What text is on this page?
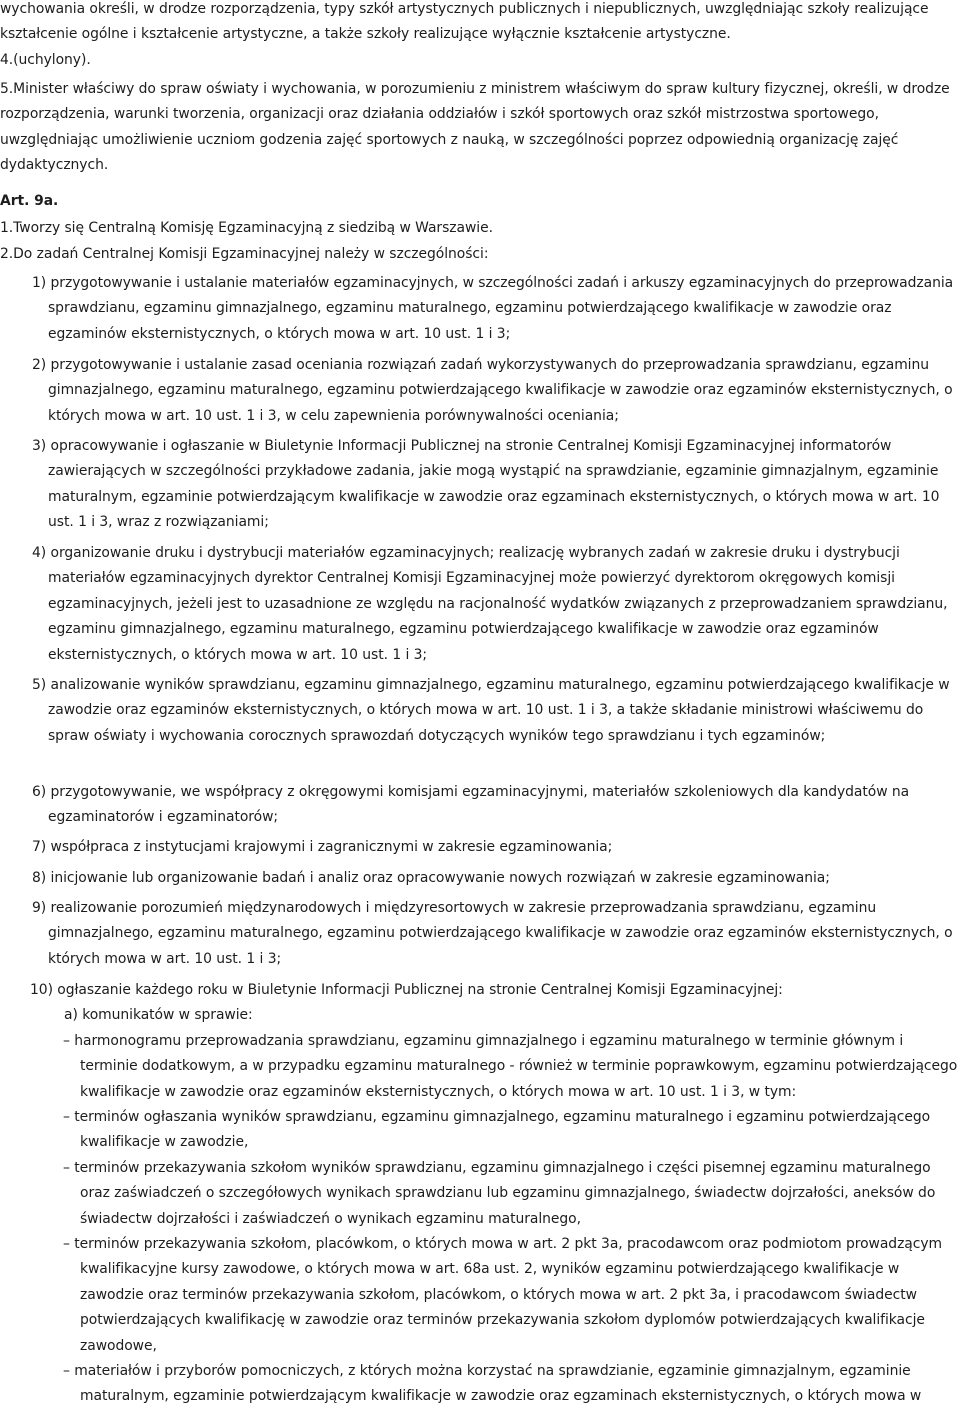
wychowania określi, w drodze rozporządzenia, typy szkół artystycznych publicznych i niepublicznych, uwzględniając szkoły realizujące kształcenie ogólne i kształcenie artystyczne, a także szkoły realizujące wyłącznie kształcenie artystyczne.

4.(uchylony).

5.Minister właściwy do spraw oświaty i wychowania, w porozumieniu z ministrem właściwym do spraw kultury fizycznej, określi, w drodze rozporządzenia, warunki tworzenia, organizacji oraz działania oddziałów i szkół sportowych oraz szkół mistrzostwa sportowego, uwzględniając umożliwienie uczniom godzenia zajęć sportowych z nauką, w szczególności poprzez odpowiednią organizację zajęć dydaktycznych.

Art. 9a.

1.Tworzy się Centralną Komisję Egzaminacyjną z siedzibą w Warszawie.

2.Do zadań Centralnej Komisji Egzaminacyjnej należy w szczególności:

1) przygotowywanie i ustalanie materiałów egzaminacyjnych, w szczególności zadań i arkuszy egzaminacyjnych do przeprowadzania sprawdzianu, egzaminu gimnazjalnego, egzaminu maturalnego, egzaminu potwierdzającego kwalifikacje w zawodzie oraz egzaminów eksternistycznych, o których mowa w art. 10 ust. 1 i 3;

2) przygotowywanie i ustalanie zasad oceniania rozwiązań zadań wykorzystywanych do przeprowadzania sprawdzianu, egzaminu gimnazjalnego, egzaminu maturalnego, egzaminu potwierdzającego kwalifikacje w zawodzie oraz egzaminów eksternistycznych, o których mowa w art. 10 ust. 1 i 3, w celu zapewnienia porównywalności oceniania;

3) opracowywanie i ogłaszanie w Biuletynie Informacji Publicznej na stronie Centralnej Komisji Egzaminacyjnej informatorów zawierających w szczególności przykładowe zadania, jakie mogą wystąpić na sprawdzianie, egzaminie gimnazjalnym, egzaminie maturalnym, egzaminie potwierdzającym kwalifikacje w zawodzie oraz egzaminach eksternistycznych, o których mowa w art. 10 ust. 1 i 3, wraz z rozwiązaniami;

4) organizowanie druku i dystrybucji materiałów egzaminacyjnych; realizację wybranych zadań w zakresie druku i dystrybucji materiałów egzaminacyjnych dyrektor Centralnej Komisji Egzaminacyjnej może powierzyć dyrektorom okręgowych komisji egzaminacyjnych, jeżeli jest to uzasadnione ze względu na racjonalność wydatków związanych z przeprowadzaniem sprawdzianu, egzaminu gimnazjalnego, egzaminu maturalnego, egzaminu potwierdzającego kwalifikacje w zawodzie oraz egzaminów eksternistycznych, o których mowa w art. 10 ust. 1 i 3;

5) analizowanie wyników sprawdzianu, egzaminu gimnazjalnego, egzaminu maturalnego, egzaminu potwierdzającego kwalifikacje w zawodzie oraz egzaminów eksternistycznych, o których mowa w art. 10 ust. 1 i 3, a także składanie ministrowi właściwemu do spraw oświaty i wychowania corocznych sprawozdań dotyczących wyników tego sprawdzianu i tych egzaminów;

6) przygotowywanie, we współpracy z okręgowymi komisjami egzaminacyjnymi, materiałów szkoleniowych dla kandydatów na egzaminatorów i egzaminatorów;

7) współpraca z instytucjami krajowymi i zagranicznymi w zakresie egzaminowania;

8) inicjowanie lub organizowanie badań i analiz oraz opracowywanie nowych rozwiązań w zakresie egzaminowania;

9) realizowanie porozumień międzynarodowych i międzyresortowych w zakresie przeprowadzania sprawdzianu, egzaminu gimnazjalnego, egzaminu maturalnego, egzaminu potwierdzającego kwalifikacje w zawodzie oraz egzaminów eksternistycznych, o których mowa w art. 10 ust. 1 i 3;

10) ogłaszanie każdego roku w Biuletynie Informacji Publicznej na stronie Centralnej Komisji Egzaminacyjnej:

a) komunikatów w sprawie:

– harmonogramu przeprowadzania sprawdzianu, egzaminu gimnazjalnego i egzaminu maturalnego w terminie głównym i terminie dodatkowym, a w przypadku egzaminu maturalnego - również w terminie poprawkowym, egzaminu potwierdzającego kwalifikacje w zawodzie oraz egzaminów eksternistycznych, o których mowa w art. 10 ust. 1 i 3, w tym:

– terminów ogłaszania wyników sprawdzianu, egzaminu gimnazjalnego, egzaminu maturalnego i egzaminu potwierdzającego kwalifikacje w zawodzie,

– terminów przekazywania szkołom wyników sprawdzianu, egzaminu gimnazjalnego i części pisemnej egzaminu maturalnego oraz zaświadczeń o szczegółowych wynikach sprawdzianu lub egzaminu gimnazjalnego, świadectw dojrzałości, aneksów do świadectw dojrzałości i zaświadczeń o wynikach egzaminu maturalnego,

– terminów przekazywania szkołom, placówkom, o których mowa w art. 2 pkt 3a, pracodawcom oraz podmiotom prowadzącym kwalifikacyjne kursy zawodowe, o których mowa w art. 68a ust. 2, wyników egzaminu potwierdzającego kwalifikacje w zawodzie oraz terminów przekazywania szkołom, placówkom, o których mowa w art. 2 pkt 3a, i pracodawcom świadectw potwierdzających kwalifikację w zawodzie oraz terminów przekazywania szkołom dyplomów potwierdzających kwalifikacje zawodowe,

– materiałów i przyborów pomocniczych, z których można korzystać na sprawdzianie, egzaminie gimnazjalnym, egzaminie maturalnym, egzaminie potwierdzającym kwalifikacje w zawodzie oraz egzaminach eksternistycznych, o których mowa w
